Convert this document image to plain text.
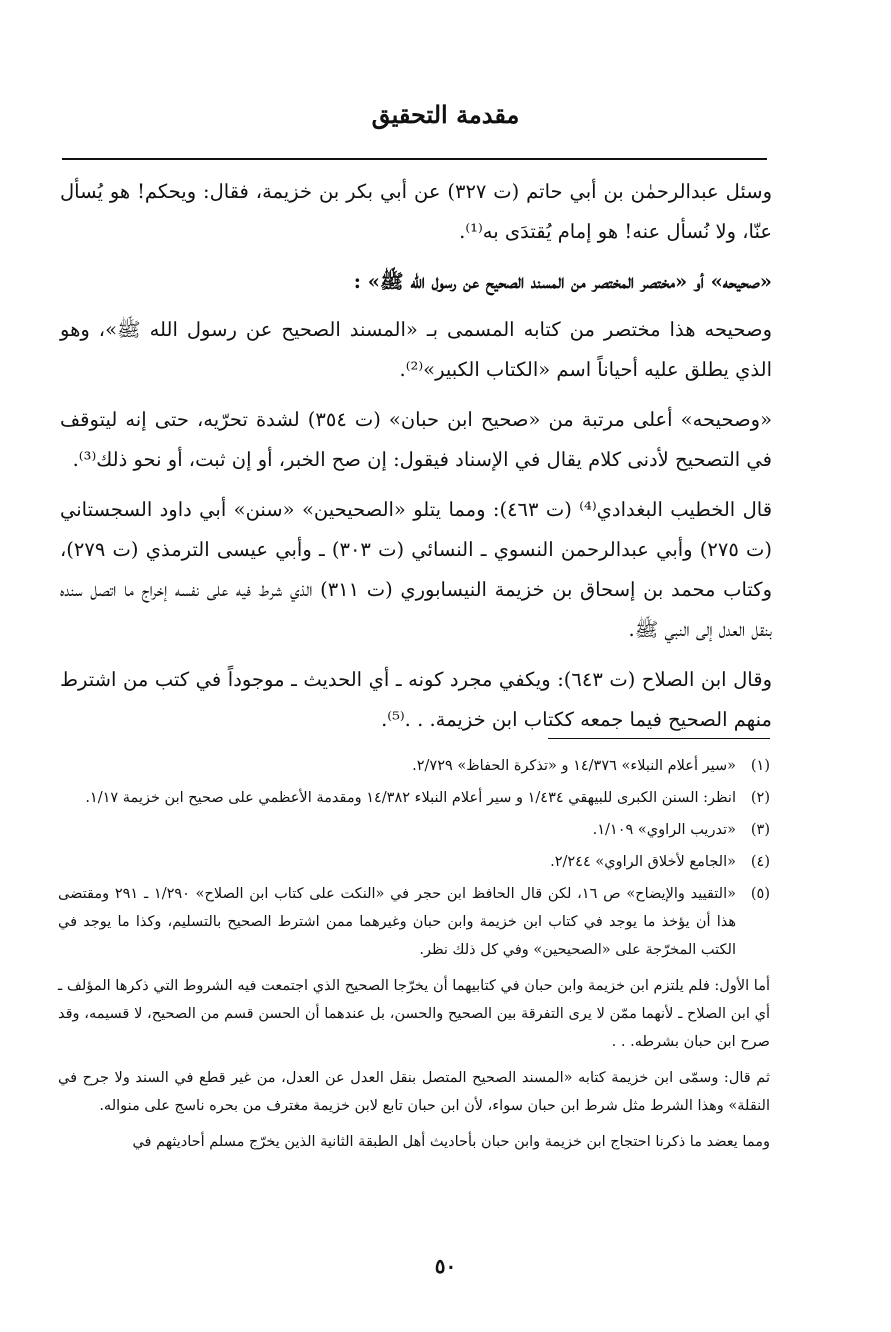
مقدمة التحقيق

وسئل عبدالرحمٰن بن أبي حاتم (ت ٣٢٧) عن أبي بكر بن خزيمة، فقال: ويحكم! هو يُسأل عنّا، ولا نُسأل عنه! هو إمام يُقتدَى به⁽¹⁾.

«صحيحه» أو «مختصر المختصر من المسند الصحيح عن رسول الله ﷺ» :

وصحيحه هذا مختصر من كتابه المسمى بـ «المسند الصحيح عن رسول الله ﷺ»، وهو الذي يطلق عليه أحياناً اسم «الكتاب الكبير»⁽²⁾.

«وصحيحه» أعلى مرتبة من «صحيح ابن حبان» (ت ٣٥٤) لشدة تحرّيه، حتى إنه ليتوقف في التصحيح لأدنى كلام يقال في الإسناد فيقول: إن صح الخبر، أو إن ثبت، أو نحو ذلك⁽³⁾.

قال الخطيب البغدادي⁽⁴⁾ (ت ٤٦٣): ومما يتلو «الصحيحين» «سنن» أبي داود السجستاني (ت ٢٧٥) وأبي عبدالرحمن النسوي ـ النسائي (ت ٣٠٣) ـ وأبي عيسى الترمذي (ت ٢٧٩)، وكتاب محمد بن إسحاق بن خزيمة النيسابوري (ت ٣١١) الذي شرط فيه على نفسه إخراج ما اتصل سنده بنقل العدل إلى النبي ﷺ.

وقال ابن الصلاح (ت ٦٤٣): ويكفي مجرد كونه ـ أي الحديث ـ موجوداً في كتب من اشترط منهم الصحيح فيما جمعه ككتاب ابن خزيمة. . .⁽⁵⁾.

(١)
«سير أعلام النبلاء» ١٤/٣٧٦ و «تذكرة الحفاظ» ٢/٧٢٩.
(٢)
انظر: السنن الكبرى للبيهقي ١/٤٣٤ و سير أعلام النبلاء ١٤/٣٨٢ ومقدمة الأعظمي على صحيح ابن خزيمة ١/١٧.
(٣)
«تدريب الراوي» ١/١٠٩.
(٤)
«الجامع لأخلاق الراوي» ٢/٢٤٤.
(٥)
«التقييد والإيضاح» ص ١٦، لكن قال الحافظ ابن حجر في «النكت على كتاب ابن الصلاح» ١/٢٩٠ ـ ٢٩١ ومقتضى هذا أن يؤخذ ما يوجد في كتاب ابن خزيمة وابن حبان وغيرهما ممن اشترط الصحيح بالتسليم، وكذا ما يوجد في الكتب المخرّجة على «الصحيحين» وفي كل ذلك نظر.

أما الأول: فلم يلتزم ابن خزيمة وابن حبان في كتابيهما أن يخرّجا الصحيح الذي اجتمعت فيه الشروط التي ذكرها المؤلف ـ أي ابن الصلاح ـ لأنهما ممّن لا يرى التفرقة بين الصحيح والحسن، بل عندهما أن الحسن قسم من الصحيح، لا قسيمه، وقد صرح ابن حبان بشرطه. . .

ثم قال: وسمّى ابن خزيمة كتابه «المسند الصحيح المتصل بنقل العدل عن العدل، من غير قطع في السند ولا جرح في النقلة» وهذا الشرط مثل شرط ابن حبان سواء، لأن ابن حبان تابع لابن خزيمة مغترف من بحره ناسج على منواله.

ومما يعضد ما ذكرنا احتجاج ابن خزيمة وابن حبان بأحاديث أهل الطبقة الثانية الذين يخرّج مسلم أحاديثهم في

٥٠
